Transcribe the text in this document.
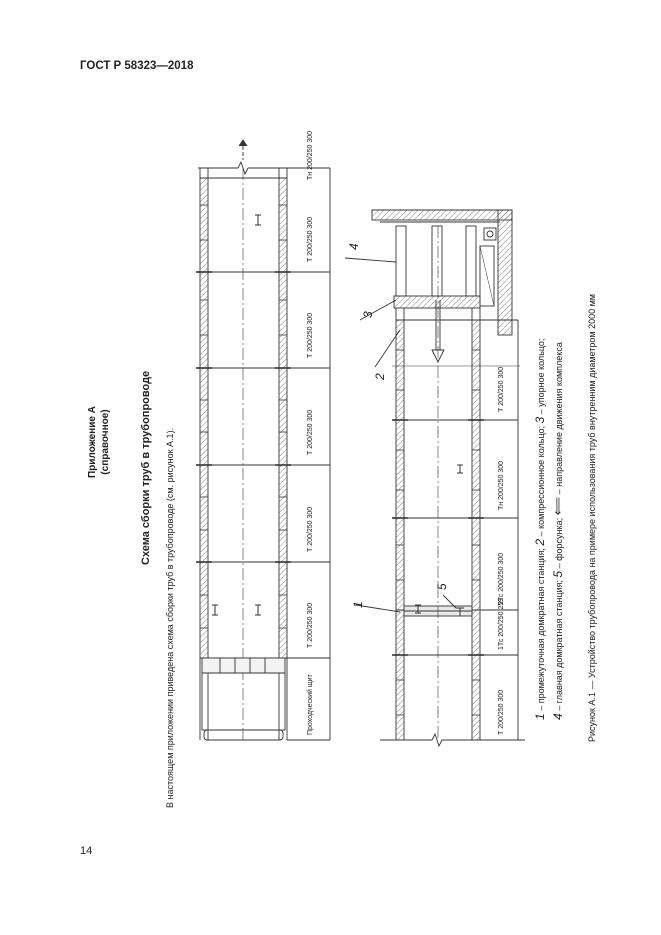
ГОСТ Р 58323—2018
14
Приложение А (справочное)	Схема сборки труб в трубопроводе В настоящем приложении приведена схема сборки труб в трубопроводе (см. рисунок А.1).	Проходческий щит
Т 200/250 300
Т 200/250 300
Т 200/250 300
Т 200/250 300
Т 200/250 300
Тн 200/250 300
4
3
2
1
5
Т 200/250 300
1Тс 200/250 259
2Тс 200/250 300
Тн 200/250 300
Т 200/250 300
1 – промежуточная домкратная станция; 2 – компрессионное кольцо; 3 – упорное кольцо;
4 – главная домкратная станция; 5 – форсунка; ⟸ – направление движения комплекса	Рисунок А.1 — Устройство трубопровода на примере использования труб внутренним диаметром 2000 мм
